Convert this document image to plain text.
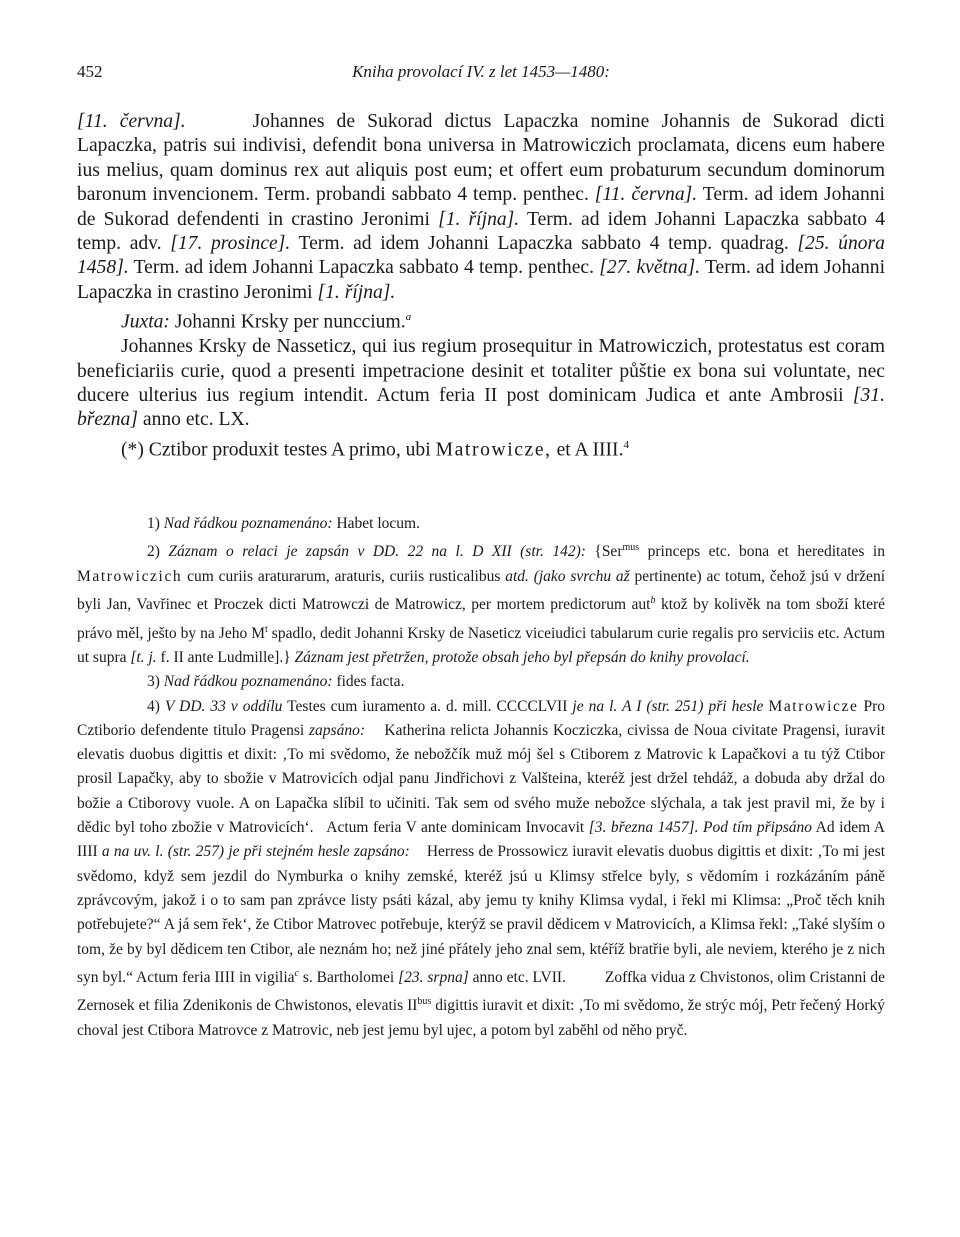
452	Kniha provolací IV. z let 1453—1480:

[11. června].	Johannes de Sukorad dictus Lapaczka nomine Johannis de Sukorad dicti Lapaczka, patris sui indivisi, defendit bona universa in Matrowiczich proclamata, dicens eum habere ius melius, quam dominus rex aut aliquis post eum; et offert eum probaturum secundum dominorum baronum invencionem. Term. probandi sabbato 4 temp. penthec. [11. června]. Term. ad idem Johanni de Sukorad defendenti in crastino Jeronimi [1. října]. Term. ad idem Johanni Lapaczka sabbato 4 temp. adv. [17. prosince]. Term. ad idem Johanni Lapaczka sabbato 4 temp. quadrag. [25. února 1458]. Term. ad idem Johanni Lapaczka sabbato 4 temp. penthec. [27. května]. Term. ad idem Johanni Lapaczka in crastino Jeronimi [1. října].

Juxta: Johanni Krsky per nunccium.$^a$

Johannes Krsky de Nasseticz, qui ius regium prosequitur in Matrowiczich, protestatus est coram beneficiariis curie, quod a presenti impetracione desinit et totaliter půštie ex bona sui voluntate, nec ducere ulterius ius regium intendit. Actum feria II post dominicam Judica et ante Ambrosii [31. března] anno etc. LX.

(*) Cztibor produxit testes A primo, ubi Matrowicze, et A IIII.$^4$

1) Nad řádkou poznamenáno: Habet locum.

2) Záznam o relaci je zapsán v DD. 22 na l. D XII (str. 142): {Ser$^{mus}$ princeps etc. bona et hereditates in Matrowiczich cum curiis araturarum, araturis, curiis rusticalibus atd. (jako svrchu až pertinente) ac totum, čehož jsú v držení byli Jan, Vavřinec et Proczek dicti Matrowczi de Matrowicz, per mortem predictorum aut$^b$ ktož by kolivěk na tom sboží které právo měl, ješto by na Jeho $M^t$ spadlo, dedit Johanni Krsky de Naseticz viceiudici tabularum curie regalis pro serviciis etc. Actum ut supra [t. j. f. II ante Ludmille].} Záznam jest přetržen, protože obsah jeho byl přepsán do knihy provolací.

3) Nad řádkou poznamenáno: fides facta.

4) V DD. 33 v oddílu Testes cum iuramento a. d. mill. CCCCLVII je na l. A I (str. 251) při hesle Matrowicze Pro Cztiborio defendente titulo Pragensi zapsáno: Katherina relicta Johannis Kocziczka, civissa de Noua civitate Pragensi, iuravit elevatis duobus digittis et dixit: ‚To mi svědomo, že nebožčík muž mój šel s Ctiborem z Matrovic k Lapačkovi a tu týž Ctibor prosil Lapačky, aby to sbožie v Matrovicích odjal panu Jindřichovi z Valšteina, kteréž jest držel tehdáž, a dobuda aby držal do božie a Ctiborovy vuole. A on Lapačka slíbil to učiniti. Tak sem od svého muže nebožce slýchala, a tak jest pravil mi, že by i dědic byl toho zbožie v Matrovicích‘. Actum feria V ante dominicam Invocavit [3. března 1457]. Pod tím připsáno Ad idem A IIII a na uv. l. (str. 257) je při stejném hesle zapsáno: Herress de Prossowicz iuravit elevatis duobus digittis et dixit: ‚To mi jest svědomo, když sem jezdil do Nymburka o knihy zemské, kteréž jsú u Klimsy střelce byly, s vědomím i rozkázáním páně zprávcovým, jakož i o to sam pan zprávce listy psáti kázal, aby jemu ty knihy Klimsa vydal, i řekl mi Klimsa: „Proč těch knih potřebujete?“ A já sem řek‘, že Ctibor Matrovec potřebuje, kterýž se pravil dědicem v Matrovicích, a Klimsa řekl: „Také slyším o tom, že by byl dědicem ten Ctibor, ale neznám ho; než jiné přátely jeho znal sem, ktéříž bratřie byli, ale neviem, kterého je z nich syn byl.“ Actum feria IIII in vigilia$^c$ s. Bartholomei [23. srpna] anno etc. LVII.	Zoffka vidua z Chvistonos, olim Cristanni de Zernosek et filia Zdenikonis de Chwistonos, elevatis $II^{bus}$ digittis iuravit et dixit: ‚To mi svědomo, že strýc mój, Petr řečený Horký choval jest Ctibora Matrovce z Matrovic, neb jest jemu byl ujec, a potom byl zaběhl od něho pryč.
